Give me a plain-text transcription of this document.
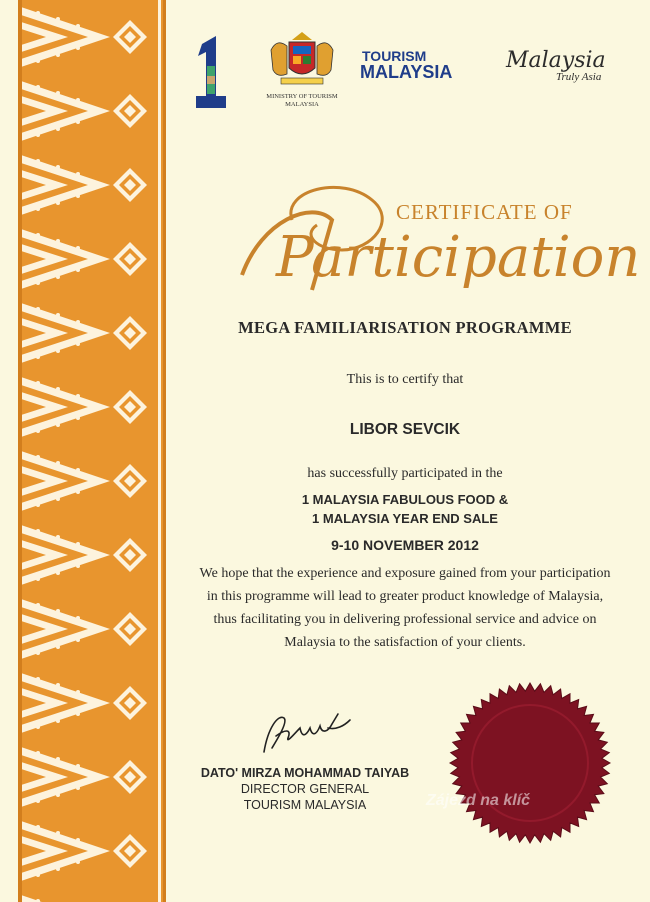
MINISTRY OF TOURISM
MALAYSIA
TOURISM
MALAYSIA Malaysia
Truly Asia
Participation
CERTIFICATE OF
MEGA FAMILIARISATION PROGRAMME
This is to certify that
LIBOR SEVCIK
has successfully participated in the
1 MALAYSIA FABULOUS FOOD &
1 MALAYSIA YEAR END SALE
9-10 NOVEMBER 2012
We hope that the experience and exposure gained from your participation
in this programme will lead to greater product knowledge of Malaysia,
thus facilitating you in delivering professional service and advice on
Malaysia to the satisfaction of your clients.
DATO' MIRZA MOHAMMAD TAIYAB
DIRECTOR GENERAL
TOURISM MALAYSIA	Zájezd na klíč
